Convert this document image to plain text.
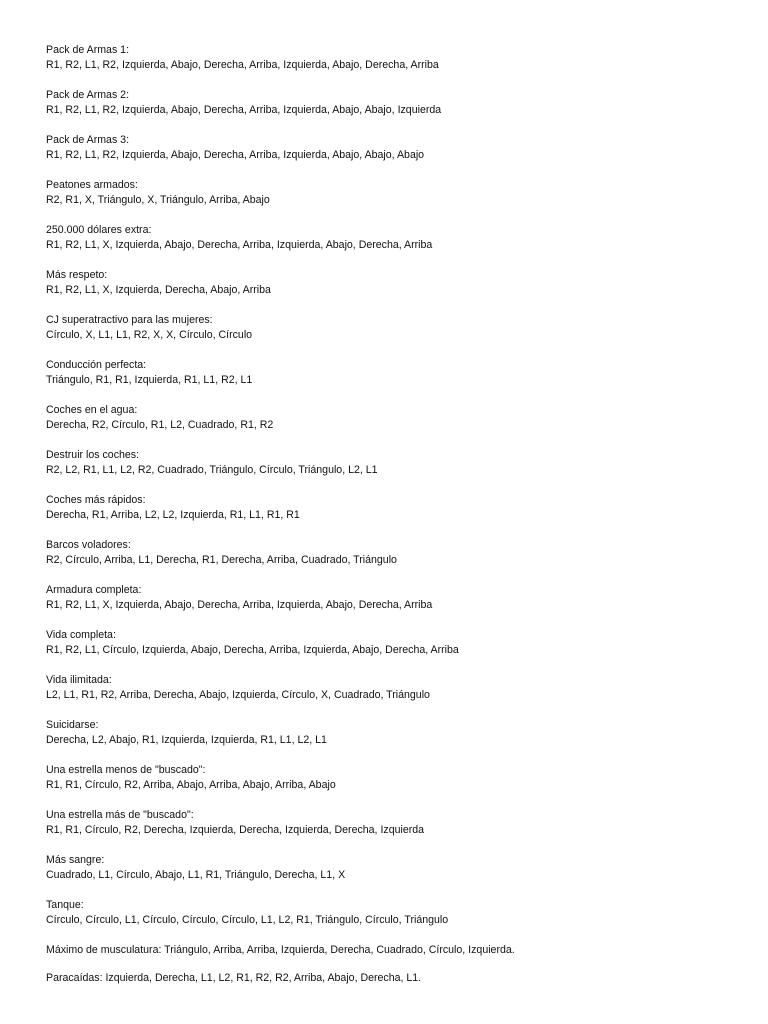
Pack de Armas 1:
R1, R2, L1, R2, Izquierda, Abajo, Derecha, Arriba, Izquierda, Abajo, Derecha, Arriba
Pack de Armas 2:
R1, R2, L1, R2, Izquierda, Abajo, Derecha, Arriba, Izquierda, Abajo, Abajo, Izquierda
Pack de Armas 3:
R1, R2, L1, R2, Izquierda, Abajo, Derecha, Arriba, Izquierda, Abajo, Abajo, Abajo
Peatones armados:
R2, R1, X, Triángulo, X, Triángulo, Arriba, Abajo
250.000 dólares extra:
R1, R2, L1, X, Izquierda, Abajo, Derecha, Arriba, Izquierda, Abajo, Derecha, Arriba
Más respeto:
R1, R2, L1, X, Izquierda, Derecha, Abajo, Arriba
CJ superatractivo para las mujeres:
Círculo, X, L1, L1, R2, X, X, Círculo, Círculo
Conducción perfecta:
Triángulo, R1, R1, Izquierda, R1, L1, R2, L1
Coches en el agua:
Derecha, R2, Círculo, R1, L2, Cuadrado, R1, R2
Destruir los coches:
R2, L2, R1, L1, L2, R2, Cuadrado, Triángulo, Círculo, Triángulo, L2, L1
Coches más rápidos:
Derecha, R1, Arriba, L2, L2, Izquierda, R1, L1, R1, R1
Barcos voladores:
R2, Círculo, Arriba, L1, Derecha, R1, Derecha, Arriba, Cuadrado, Triángulo
Armadura completa:
R1, R2, L1, X, Izquierda, Abajo, Derecha, Arriba, Izquierda, Abajo, Derecha, Arriba
Vida completa:
R1, R2, L1, Círculo, Izquierda, Abajo, Derecha, Arriba, Izquierda, Abajo, Derecha, Arriba
Vida ilimitada:
L2, L1, R1, R2, Arriba, Derecha, Abajo, Izquierda, Círculo, X, Cuadrado, Triángulo
Suicidarse:
Derecha, L2, Abajo, R1, Izquierda, Izquierda, R1, L1, L2, L1
Una estrella menos de "buscado":
R1, R1, Círculo, R2, Arriba, Abajo, Arriba, Abajo, Arriba, Abajo
Una estrella más de "buscado":
R1, R1, Círculo, R2, Derecha, Izquierda, Derecha, Izquierda, Derecha, Izquierda
Más sangre:
Cuadrado, L1, Círculo, Abajo, L1, R1, Triángulo, Derecha, L1, X
Tanque:
Círculo, Círculo, L1, Círculo, Círculo, Círculo, L1, L2, R1, Triángulo, Círculo, Triángulo
Máximo de musculatura: Triángulo, Arriba, Arriba, Izquierda, Derecha, Cuadrado, Círculo, Izquierda.
Paracaídas: Izquierda, Derecha, L1, L2, R1, R2, R2, Arriba, Abajo, Derecha, L1.
